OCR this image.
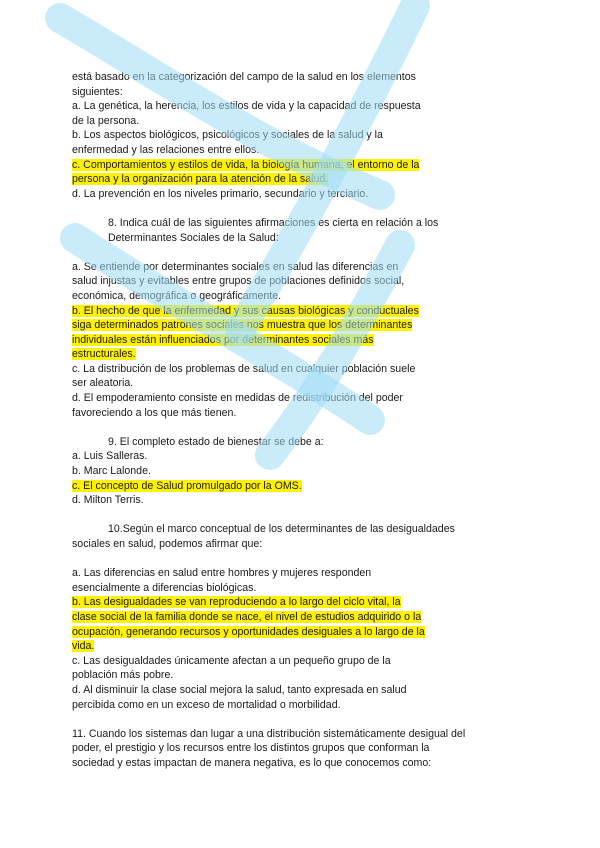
está basado en la categorización del campo de la salud en los elementos
siguientes:
a. La genética, la herencia, los estilos de vida y la capacidad de respuesta
de la persona.
b. Los aspectos biológicos, psicológicos y sociales de la salud y la
enfermedad y las relaciones entre ellos.
c. Comportamientos y estilos de vida, la biología humana, el entorno de la
persona y la organización para la atención de la salud.
d. La prevención en los niveles primario, secundario y terciario.
8. Indica cuál de las siguientes afirmaciones es cierta en relación a los
Determinantes Sociales de la Salud:
a. Se entiende por determinantes sociales en salud las diferencias en
salud injustas y evitables entre grupos de poblaciones definidos social,
económica, demográfica o geográficamente.
b. El hecho de que la enfermedad y sus causas biológicas y conductuales
siga determinados patrones sociales nos muestra que los determinantes
individuales están influenciados por determinantes sociales más
estructurales.
c. La distribución de los problemas de salud en cualquier población suele
ser aleatoria.
d. El empoderamiento consiste en medidas de redistribución del poder
favoreciendo a los que más tienen.
9. El completo estado de bienestar se debe a:
a. Luis Salleras.
b. Marc Lalonde.
c. El concepto de Salud promulgado por la OMS.
d. Milton Terris.
10.Según el marco conceptual de los determinantes de las desigualdades
sociales en salud, podemos afirmar que:
a. Las diferencias en salud entre hombres y mujeres responden
esencialmente a diferencias biológicas.
b. Las desigualdades se van reproduciendo a lo largo del ciclo vital, la
clase social de la familia donde se nace, el nivel de estudios adquirido o la
ocupación, generando recursos y oportunidades desiguales a lo largo de la
vida.
c. Las desigualdades únicamente afectan a un pequeño grupo de la
población más pobre.
d. Al disminuir la clase social mejora la salud, tanto expresada en salud
percibida como en un exceso de mortalidad o morbilidad.
11. Cuando los sistemas dan lugar a una distribución sistemáticamente desigual del
poder, el prestigio y los recursos entre los distintos grupos que conforman la
sociedad y estas impactan de manera negativa, es lo que conocemos como:
